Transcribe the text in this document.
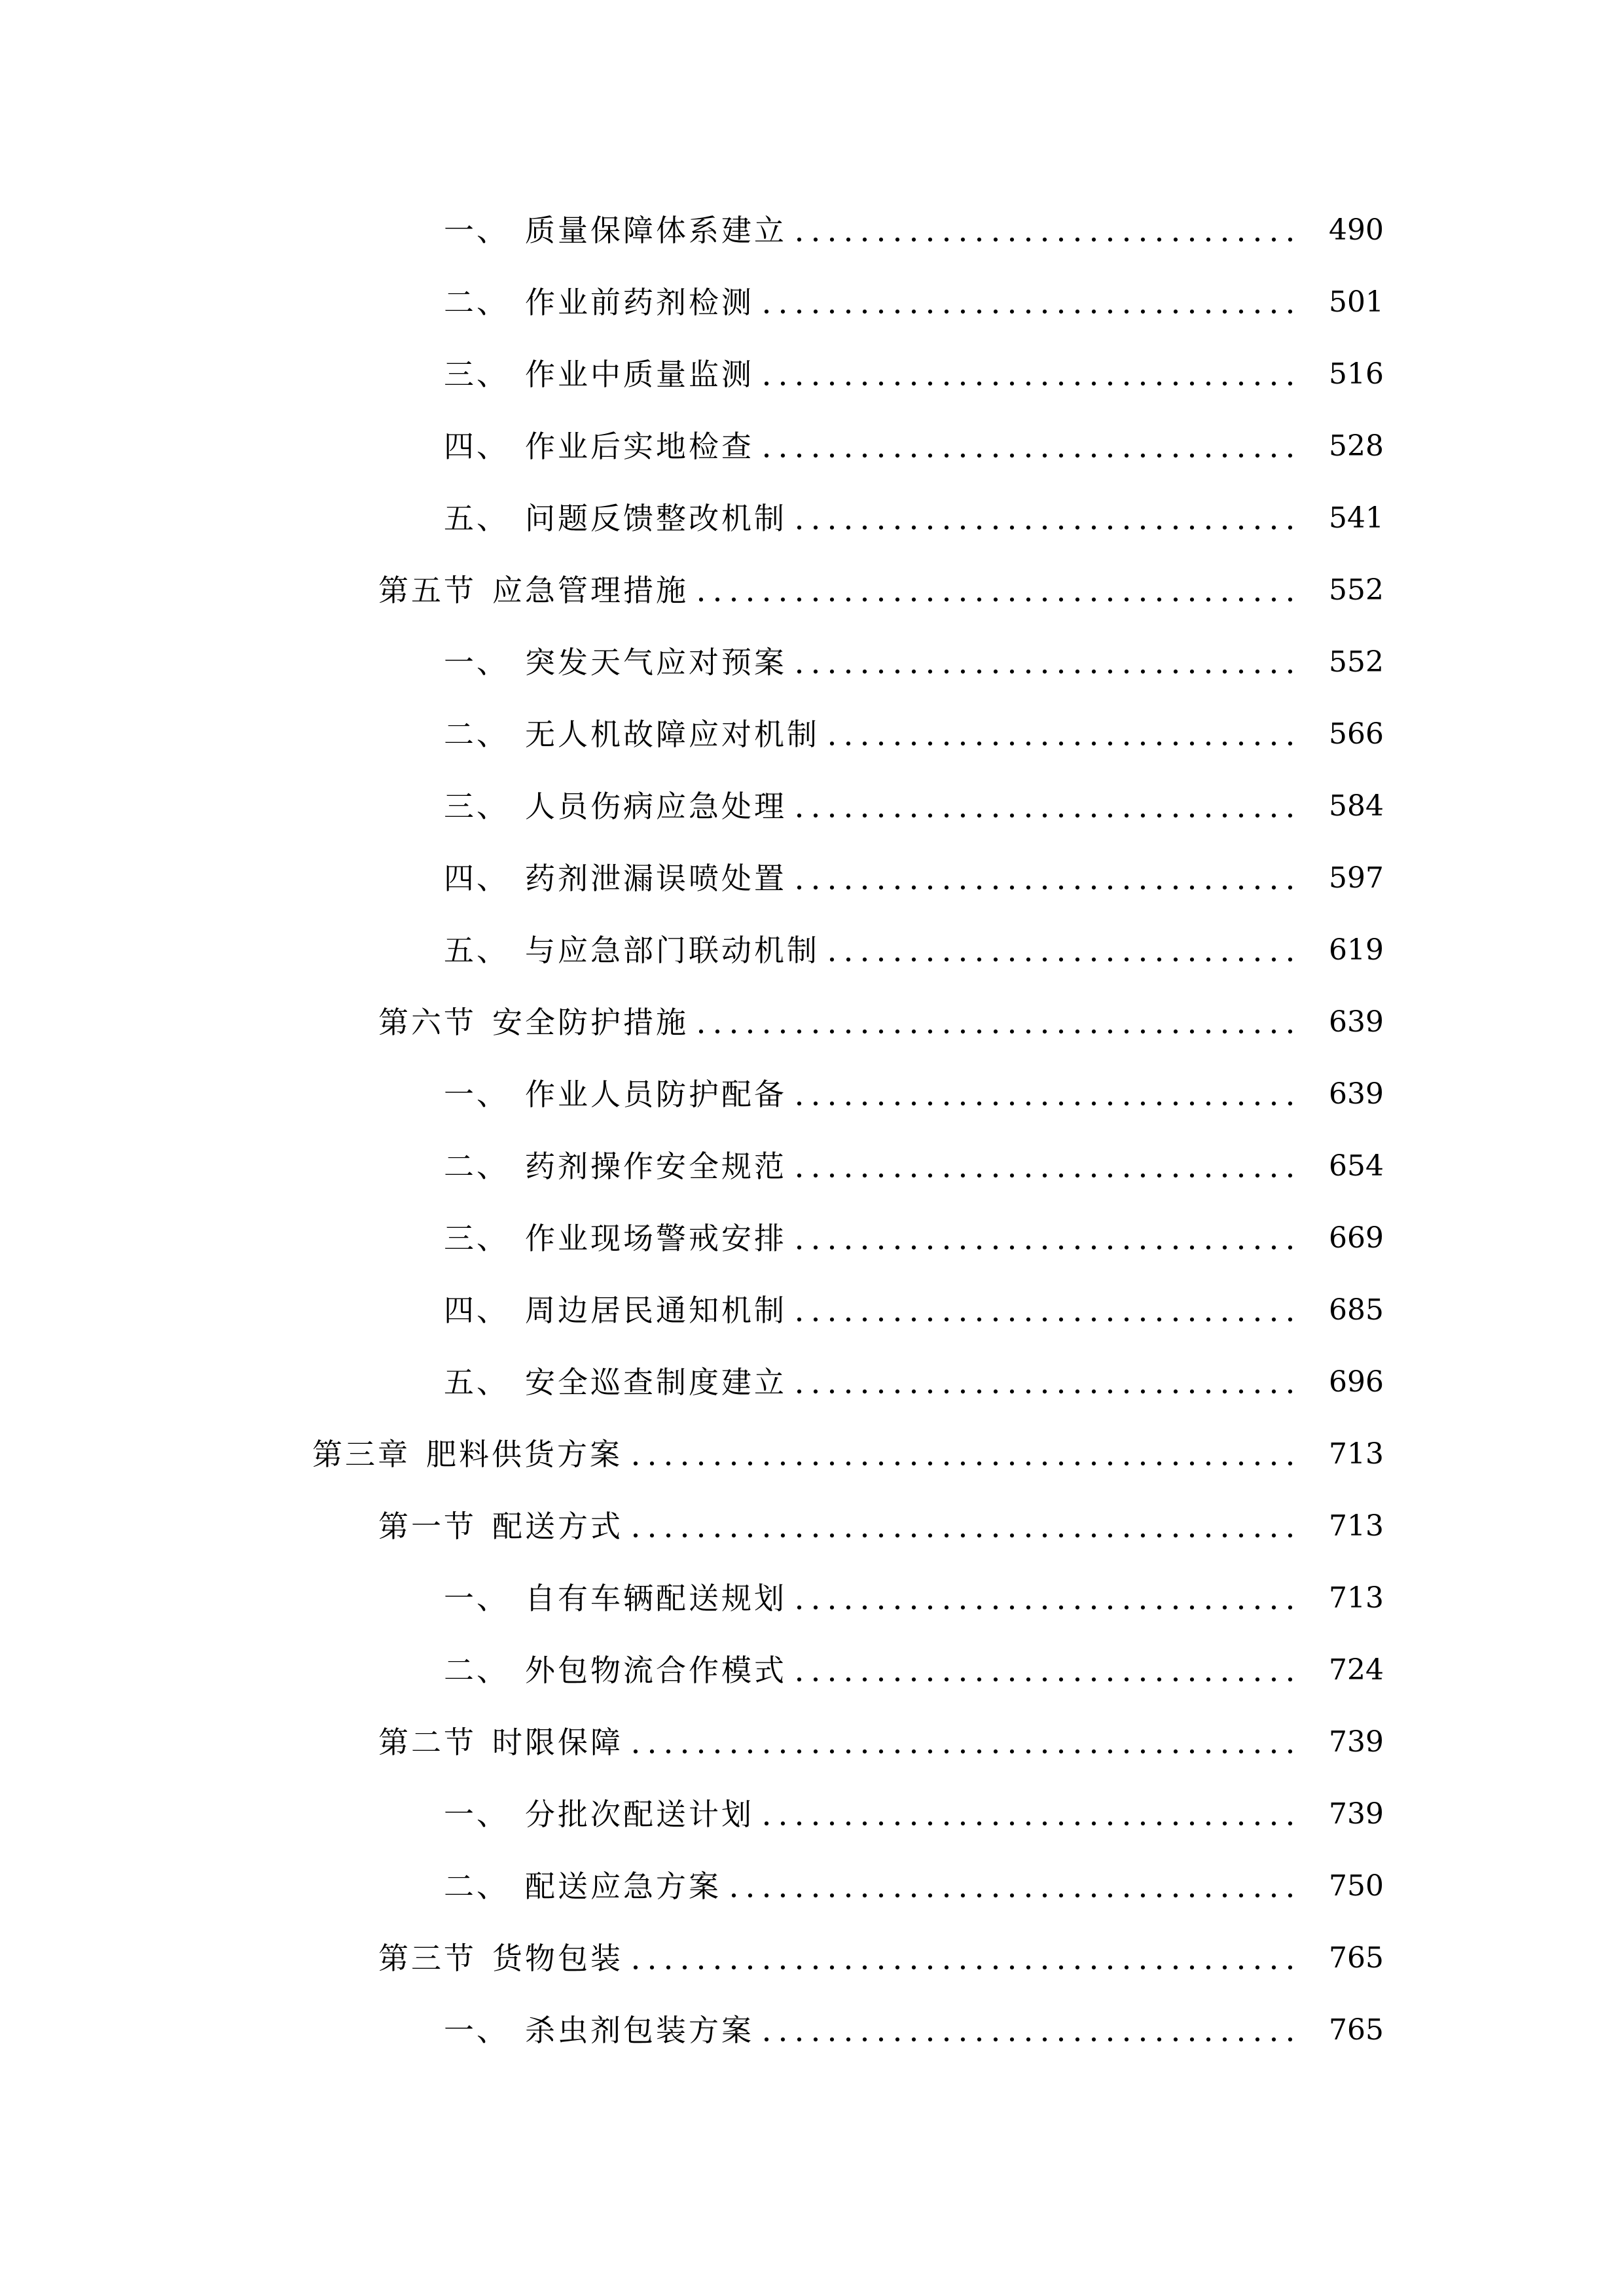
一、 质量保障体系建立	490
二、 作业前药剂检测	501
三、 作业中质量监测	516
四、 作业后实地检查	528
五、 问题反馈整改机制	541
第五节 应急管理措施	552
一、 突发天气应对预案	552
二、 无人机故障应对机制	566
三、 人员伤病应急处理	584
四、 药剂泄漏误喷处置	597
五、 与应急部门联动机制	619
第六节 安全防护措施	639
一、 作业人员防护配备	639
二、 药剂操作安全规范	654
三、 作业现场警戒安排	669
四、 周边居民通知机制	685
五、 安全巡查制度建立	696
第三章 肥料供货方案	713
第一节 配送方式	713
一、 自有车辆配送规划	713
二、 外包物流合作模式	724
第二节 时限保障	739
一、 分批次配送计划	739
二、 配送应急方案	750
第三节 货物包装	765
一、 杀虫剂包装方案	765
